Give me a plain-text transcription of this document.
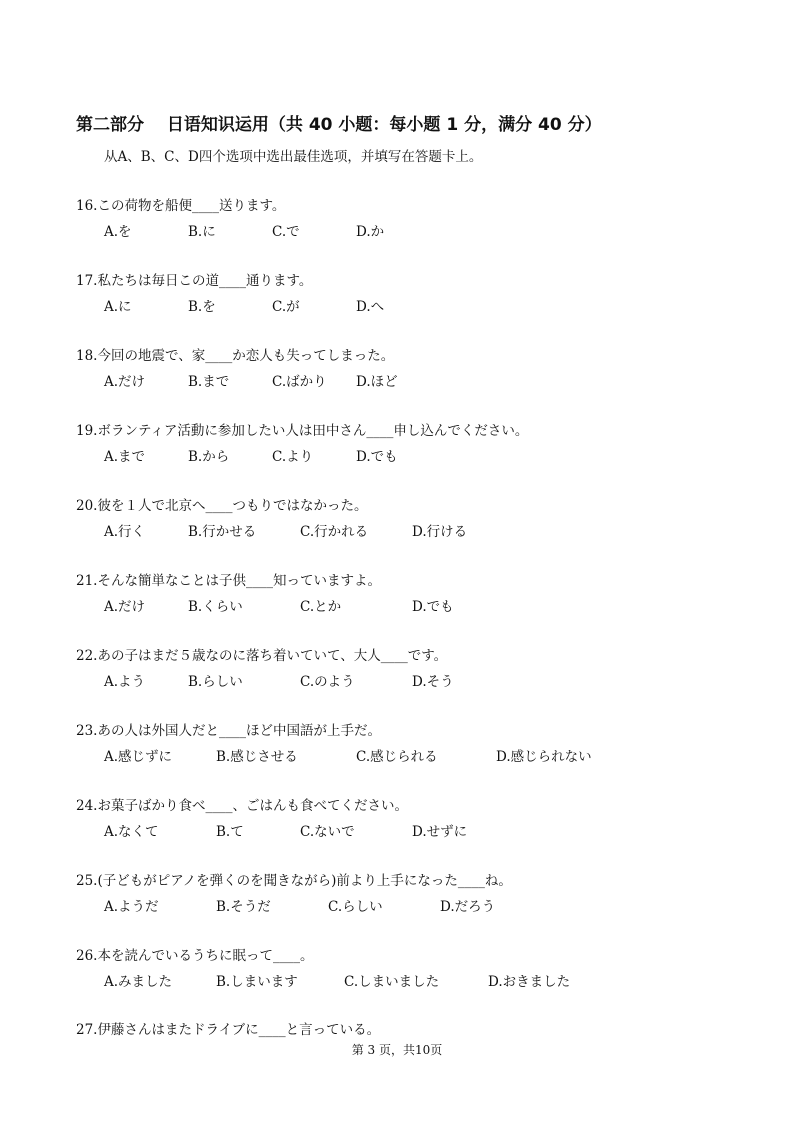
第二部分　 日语知识运用（共 40 小题：每小题 1 分，满分 40 分）
从A、B、C、D四个选项中选出最佳选项，并填写在答题卡上。
16.この荷物を船便____送ります。
A.を	B.に	C.で	D.か
17.私たちは毎日この道____通ります。
A.に	B.を	C.が	D.へ
18.今回の地震で、家____か恋人も失ってしまった。
A.だけ	B.まで	C.ばかり D.ほど
19.ボランティア活動に参加したい人は田中さん____申し込んでください。
A.まで	B.から	C.より	D.でも
20.彼を１人で北京へ____つもりではなかった。
A.行く	B.行かせる	C.行かれる	D.行ける
21.そんな簡単なことは子供____知っていますよ。
A.だけ	B.くらい	C.とか	D.でも
22.あの子はまだ５歳なのに落ち着いていて、大人____です。
A.よう	B.らしい	C.のよう	D.そう
23.あの人は外国人だと____ほど中国語が上手だ。
A.感じずに	B.感じさせる	C.感じられる	D.感じられない
24.お菓子ばかり食べ____、ごはんも食べてください。
A.なくて	B.て	C.ないで	D.せずに
25.(子どもがピアノを弾くのを聞きながら)前より上手になった____ね。
A.ようだ	B.そうだ	C.らしい	D.だろう
26.本を読んでいるうちに眠って____。
A.みました	B.しまいます	C.しまいました	D.おきました
27.伊藤さんはまたドライブに____と言っている。
第 3 页，共10页
